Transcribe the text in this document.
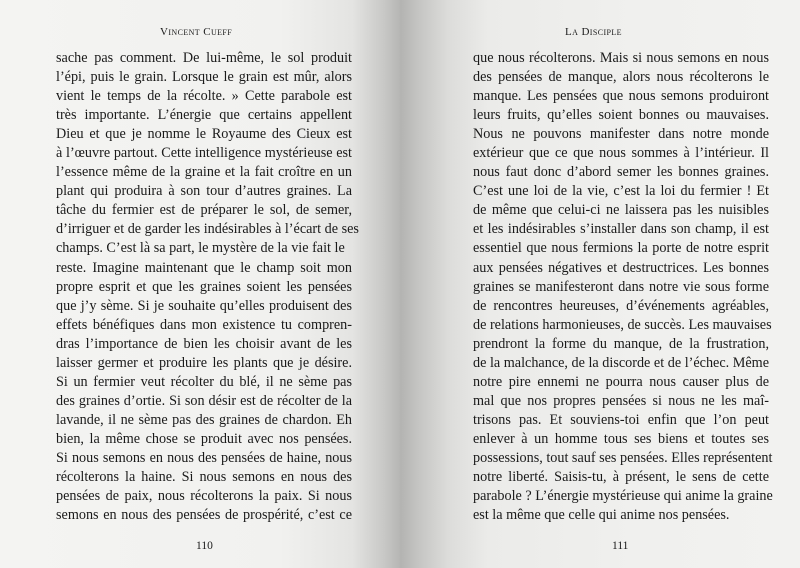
Vincent Cueff
sache pas comment. De lui-même, le sol produit
l’épi, puis le grain. Lorsque le grain est mûr, alors
vient le temps de la récolte. » Cette parabole est
très importante. L’énergie que certains appellent
Dieu et que je nomme le Royaume des Cieux est
à l’œuvre partout. Cette intelligence mystérieuse est
l’essence même de la graine et la fait croître en un
plant qui produira à son tour d’autres graines. La
tâche du fermier est de préparer le sol, de semer,
d’irriguer et de garder les indésirables à l’écart de ses
champs. C’est là sa part, le mystère de la vie fait le
reste. Imagine maintenant que le champ soit mon
propre esprit et que les graines soient les pensées
que j’y sème. Si je souhaite qu’elles produisent des
effets bénéfiques dans mon existence tu compren-
dras l’importance de bien les choisir avant de les
laisser germer et produire les plants que je désire.
Si un fermier veut récolter du blé, il ne sème pas
des graines d’ortie. Si son désir est de récolter de la
lavande, il ne sème pas des graines de chardon. Eh
bien, la même chose se produit avec nos pensées.
Si nous semons en nous des pensées de haine, nous
récolterons la haine. Si nous semons en nous des
pensées de paix, nous récolterons la paix. Si nous
semons en nous des pensées de prospérité, c’est ce
110
La Disciple
que nous récolterons. Mais si nous semons en nous
des pensées de manque, alors nous récolterons le
manque. Les pensées que nous semons produiront
leurs fruits, qu’elles soient bonnes ou mauvaises.
Nous ne pouvons manifester dans notre monde
extérieur que ce que nous sommes à l’intérieur. Il
nous faut donc d’abord semer les bonnes graines.
C’est une loi de la vie, c’est la loi du fermier ! Et
de même que celui-ci ne laissera pas les nuisibles
et les indésirables s’installer dans son champ, il est
essentiel que nous fermions la porte de notre esprit
aux pensées négatives et destructrices. Les bonnes
graines se manifesteront dans notre vie sous forme
de rencontres heureuses, d’événements agréables,
de relations harmonieuses, de succès. Les mauvaises
prendront la forme du manque, de la frustration,
de la malchance, de la discorde et de l’échec. Même
notre pire ennemi ne pourra nous causer plus de
mal que nos propres pensées si nous ne les maî-
trisons pas. Et souviens-toi enfin que l’on peut
enlever à un homme tous ses biens et toutes ses
possessions, tout sauf ses pensées. Elles représentent
notre liberté. Saisis-tu, à présent, le sens de cette
parabole ? L’énergie mystérieuse qui anime la graine
est la même que celle qui anime nos pensées.
111
